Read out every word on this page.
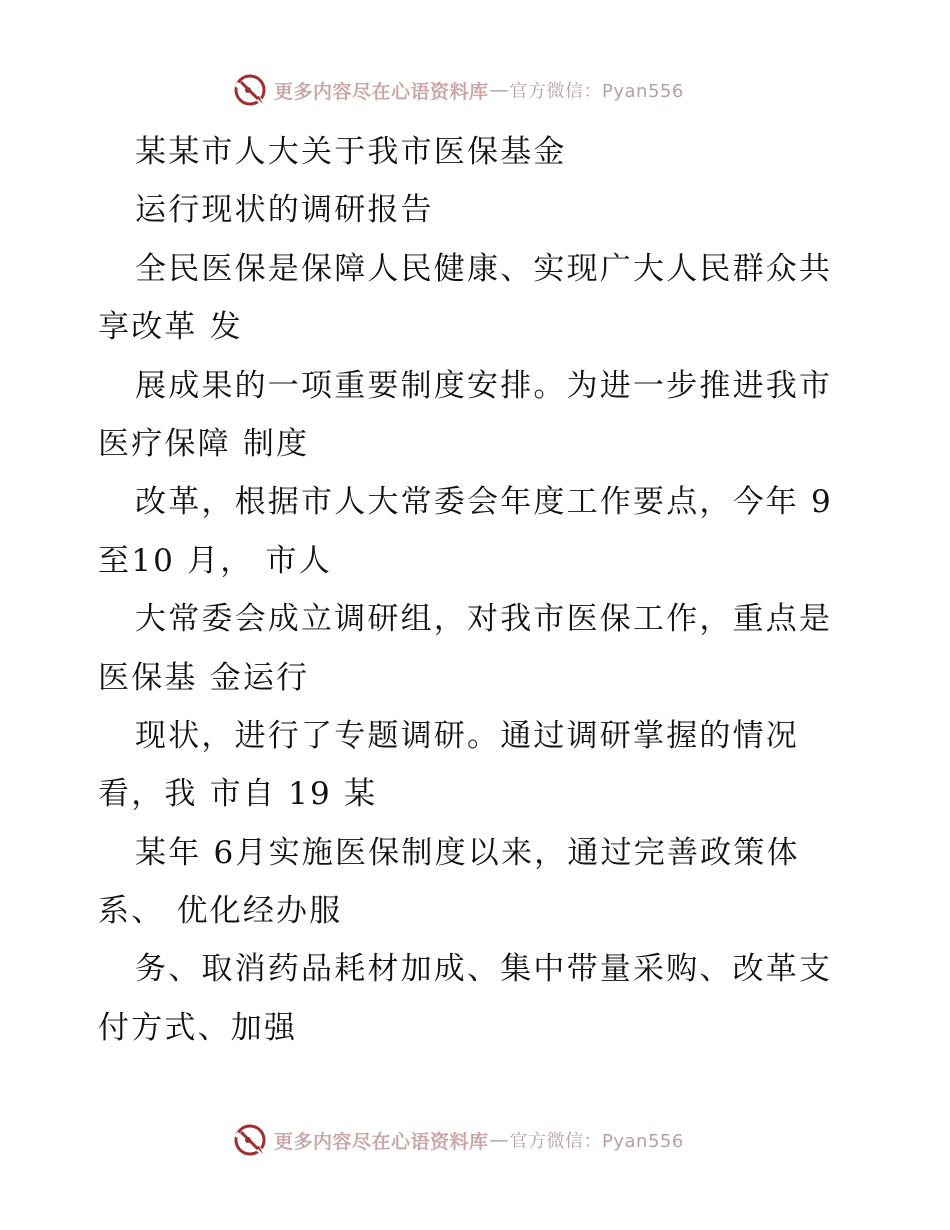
更多内容尽在心语资料库 — 官方微信：Pyan556
某某市人大关于我市医保基金
运行现状的调研报告
全民医保是保障人民健康、实现广大人民群众共
享改革 发
展成果的一项重要制度安排。为进一步推进我市
医疗保障 制度
改革，根据市人大常委会年度工作要点，今年 9
至10 月， 市人
大常委会成立调研组，对我市医保工作，重点是
医保基 金运行
现状，进行了专题调研。通过调研掌握的情况
看，我 市自 19 某
某年 6月实施医保制度以来，通过完善政策体
系、 优化经办服
务、取消药品耗材加成、集中带量采购、改革支
付方式、加强
更多内容尽在心语资料库 — 官方微信：Pyan556
